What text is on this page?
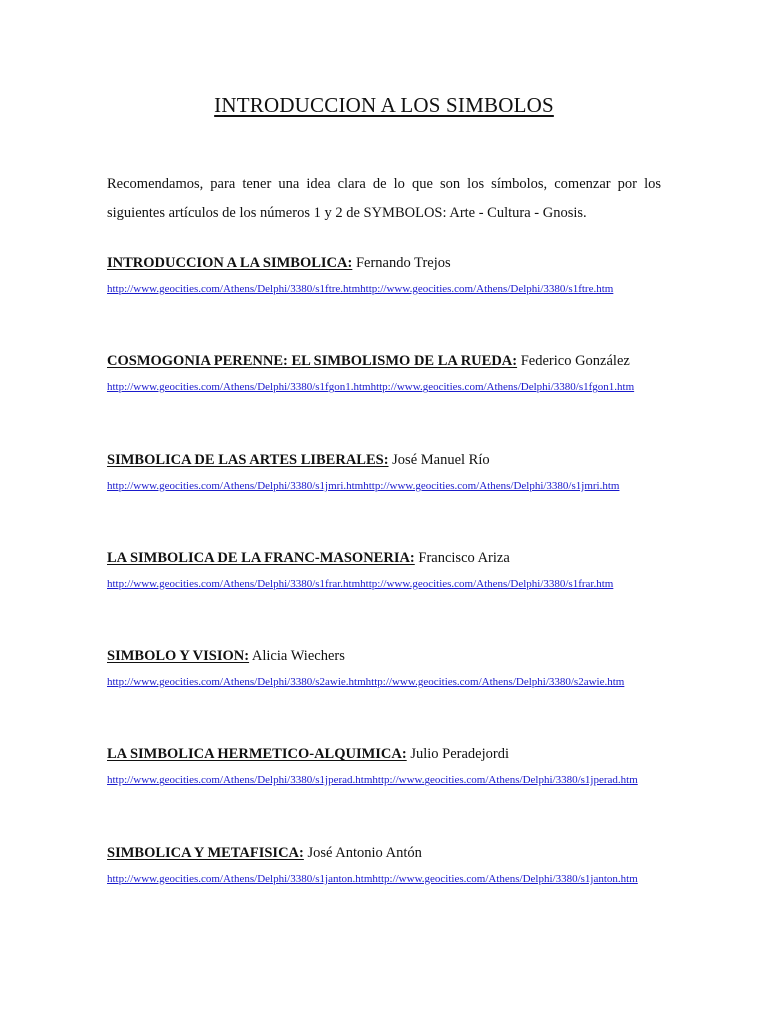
INTRODUCCION A LOS SIMBOLOS

Recomendamos, para tener una idea clara de lo que son los símbolos, comenzar por los siguientes artículos de los números 1 y 2 de SYMBOLOS: Arte - Cultura - Gnosis.

INTRODUCCION A LA SIMBOLICA: Fernando Trejos
http://www.geocities.com/Athens/Delphi/3380/s1ftre.htmhttp://www.geocities.com/Athens/Delphi/3380/s1ftre.htm
COSMOGONIA PERENNE: EL SIMBOLISMO DE LA RUEDA: Federico González
http://www.geocities.com/Athens/Delphi/3380/s1fgon1.htmhttp://www.geocities.com/Athens/Delphi/3380/s1fgon1.htm
SIMBOLICA DE LAS ARTES LIBERALES: José Manuel Río
http://www.geocities.com/Athens/Delphi/3380/s1jmri.htmhttp://www.geocities.com/Athens/Delphi/3380/s1jmri.htm
LA SIMBOLICA DE LA FRANC-MASONERIA: Francisco Ariza
http://www.geocities.com/Athens/Delphi/3380/s1frar.htmhttp://www.geocities.com/Athens/Delphi/3380/s1frar.htm
SIMBOLO Y VISION: Alicia Wiechers
http://www.geocities.com/Athens/Delphi/3380/s2awie.htmhttp://www.geocities.com/Athens/Delphi/3380/s2awie.htm
LA SIMBOLICA HERMETICO-ALQUIMICA: Julio Peradejordi
http://www.geocities.com/Athens/Delphi/3380/s1jperad.htmhttp://www.geocities.com/Athens/Delphi/3380/s1jperad.htm
SIMBOLICA Y METAFISICA: José Antonio Antón
http://www.geocities.com/Athens/Delphi/3380/s1janton.htmhttp://www.geocities.com/Athens/Delphi/3380/s1janton.htm
